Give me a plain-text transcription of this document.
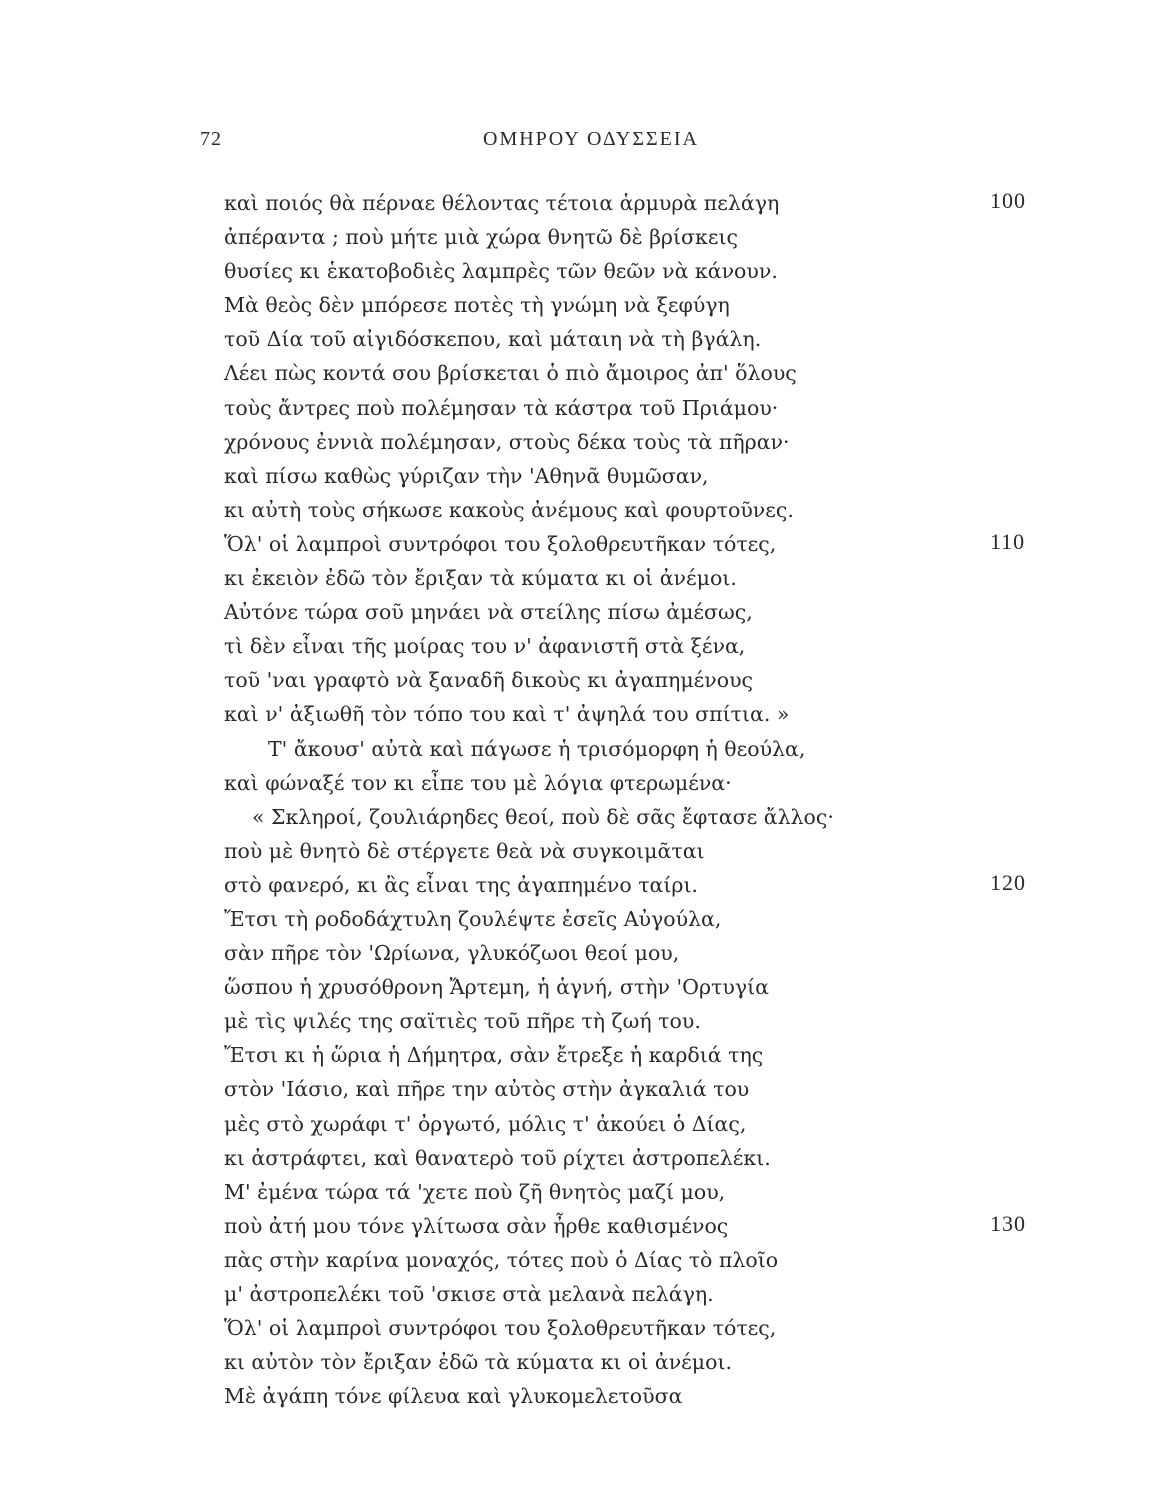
72	ΟΜΗΡΟΥ ΟΔΥΣΣΕΙΑ
καὶ ποιός θὰ πέρναε θέλοντας τέτοια ἁρμυρὰ πελάγη	100
ἀπέραντα ; ποὺ μήτε μιὰ χώρα θνητῶ δὲ βρίσκεις
θυσίες κι ἑκατοβοδιὲς λαμπρὲς τῶν θεῶν νὰ κάνουν.
Μὰ θεὸς δὲν μπόρεσε ποτὲς τὴ γνώμη νὰ ξεφύγη
τοῦ Δία τοῦ αἰγιδόσκεπου, καὶ μάταιη νὰ τὴ βγάλη.
Λέει πὼς κοντά σου βρίσκεται ὁ πιὸ ἄμοιρος ἀπ' ὅλους
τοὺς ἄντρες ποὺ πολέμησαν τὰ κάστρα τοῦ Πριάμου·
χρόνους ἐννιὰ πολέμησαν, στοὺς δέκα τοὺς τὰ πῆραν·
καὶ πίσω καθὼς γύριζαν τὴν 'Αθηνᾶ θυμῶσαν,
κι αὐτὴ τοὺς σήκωσε κακοὺς ἀνέμους καὶ φουρτοῦνες.
Ὅλ' οἱ λαμπροὶ συντρόφοι του ξολοθρευτῆκαν τότες,	110
κι ἐκειὸν ἐδῶ τὸν ἔριξαν τὰ κύματα κι οἱ ἀνέμοι.
Αὐτόνε τώρα σοῦ μηνάει νὰ στείλης πίσω ἀμέσως,
τὶ δὲν εἶναι τῆς μοίρας του ν' ἀφανιστῆ στὰ ξένα,
τοῦ 'ναι γραφτὸ νὰ ξαναδῆ δικοὺς κι ἀγαπημένους
καὶ ν' ἀξιωθῆ τὸν τόπο του καὶ τ' ἀψηλά του σπίτια. »
Τ' ἄκουσ' αὐτὰ καὶ πάγωσε ἡ τρισόμορφη ἡ θεούλα,
καὶ φώναξέ τον κι εἶπε του μὲ λόγια φτερωμένα·
« Σκληροί, ζουλιάρηδες θεοί, ποὺ δὲ σᾶς ἔφτασε ἄλλος·
ποὺ μὲ θνητὸ δὲ στέργετε θεὰ νὰ συγκοιμᾶται
στὸ φανερό, κι ἂς εἶναι της ἀγαπημένο ταίρι.	120
Ἔτσι τὴ ροδοδάχτυλη ζουλέψτε ἐσεῖς Αὐγούλα,
σὰν πῆρε τὸν 'Ωρίωνα, γλυκόζωοι θεοί μου,
ὥσπου ἡ χρυσόθρονη Ἄρτεμη, ἡ ἁγνή, στὴν 'Ορτυγία
μὲ τὶς ψιλές της σαϊτιὲς τοῦ πῆρε τὴ ζωή του.
Ἔτσι κι ἡ ὥρια ἡ Δήμητρα, σὰν ἔτρεξε ἡ καρδιά της
στὸν 'Ιάσιο, καὶ πῆρε την αὐτὸς στὴν ἀγκαλιά του
μὲς στὸ χωράφι τ' ὀργωτό, μόλις τ' ἀκούει ὁ Δίας,
κι ἀστράφτει, καὶ θανατερὸ τοῦ ρίχτει ἀστροπελέκι.
Μ' ἐμένα τώρα τά 'χετε ποὺ ζῆ θνητὸς μαζί μου,
ποὺ ἀτή μου τόνε γλίτωσα σὰν ἦρθε καθισμένος	130
πὰς στὴν καρίνα μοναχός, τότες ποὺ ὁ Δίας τὸ πλοῖο
μ' ἀστροπελέκι τοῦ 'σκισε στὰ μελανὰ πελάγη.
Ὅλ' οἱ λαμπροὶ συντρόφοι του ξολοθρευτῆκαν τότες,
κι αὐτὸν τὸν ἔριξαν ἐδῶ τὰ κύματα κι οἱ ἀνέμοι.
Μὲ ἀγάπη τόνε φίλευα καὶ γλυκομελετοῦσα
